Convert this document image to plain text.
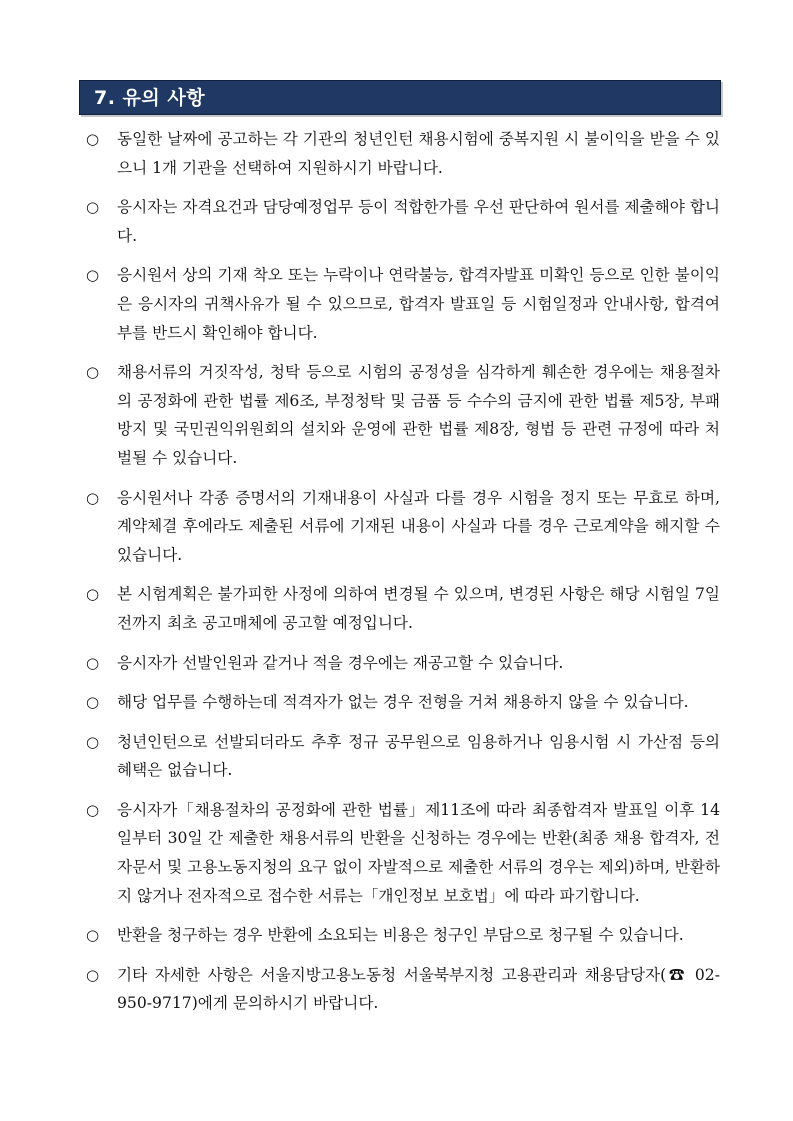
7. 유의 사항
○ 동일한 날짜에 공고하는 각 기관의 청년인턴 채용시험에 중복지원 시 불이익을 받을 수 있으니 1개 기관을 선택하여 지원하시기 바랍니다.
○ 응시자는 자격요건과 담당예정업무 등이 적합한가를 우선 판단하여 원서를 제출해야 합니다.
○ 응시원서 상의 기재 착오 또는 누락이나 연락불능, 합격자발표 미확인 등으로 인한 불이익은 응시자의 귀책사유가 될 수 있으므로, 합격자 발표일 등 시험일정과 안내사항, 합격여부를 반드시 확인해야 합니다.
○ 채용서류의 거짓작성, 청탁 등으로 시험의 공정성을 심각하게 훼손한 경우에는 채용절차의 공정화에 관한 법률 제6조, 부정청탁 및 금품 등 수수의 금지에 관한 법률 제5장, 부패방지 및 국민권익위원회의 설치와 운영에 관한 법률 제8장, 형법 등 관련 규정에 따라 처벌될 수 있습니다.
○ 응시원서나 각종 증명서의 기재내용이 사실과 다를 경우 시험을 정지 또는 무효로 하며, 계약체결 후에라도 제출된 서류에 기재된 내용이 사실과 다를 경우 근로계약을 해지할 수 있습니다.
○ 본 시험계획은 불가피한 사정에 의하여 변경될 수 있으며, 변경된 사항은 해당 시험일 7일 전까지 최초 공고매체에 공고할 예정입니다.
○ 응시자가 선발인원과 같거나 적을 경우에는 재공고할 수 있습니다.
○ 해당 업무를 수행하는데 적격자가 없는 경우 전형을 거쳐 채용하지 않을 수 있습니다.
○ 청년인턴으로 선발되더라도 추후 정규 공무원으로 임용하거나 임용시험 시 가산점 등의 혜택은 없습니다.
○ 응시자가「채용절차의 공정화에 관한 법률」제11조에 따라 최종합격자 발표일 이후 14일부터 30일 간 제출한 채용서류의 반환을 신청하는 경우에는 반환(최종 채용 합격자, 전자문서 및 고용노동지청의 요구 없이 자발적으로 제출한 서류의 경우는 제외)하며, 반환하지 않거나 전자적으로 접수한 서류는「개인정보 보호법」에 따라 파기합니다.
○ 반환을 청구하는 경우 반환에 소요되는 비용은 청구인 부담으로 청구될 수 있습니다.
○ 기타 자세한 사항은 서울지방고용노동청 서울북부지청 고용관리과 채용담당자(☎ 02-950-9717)에게 문의하시기 바랍니다.
